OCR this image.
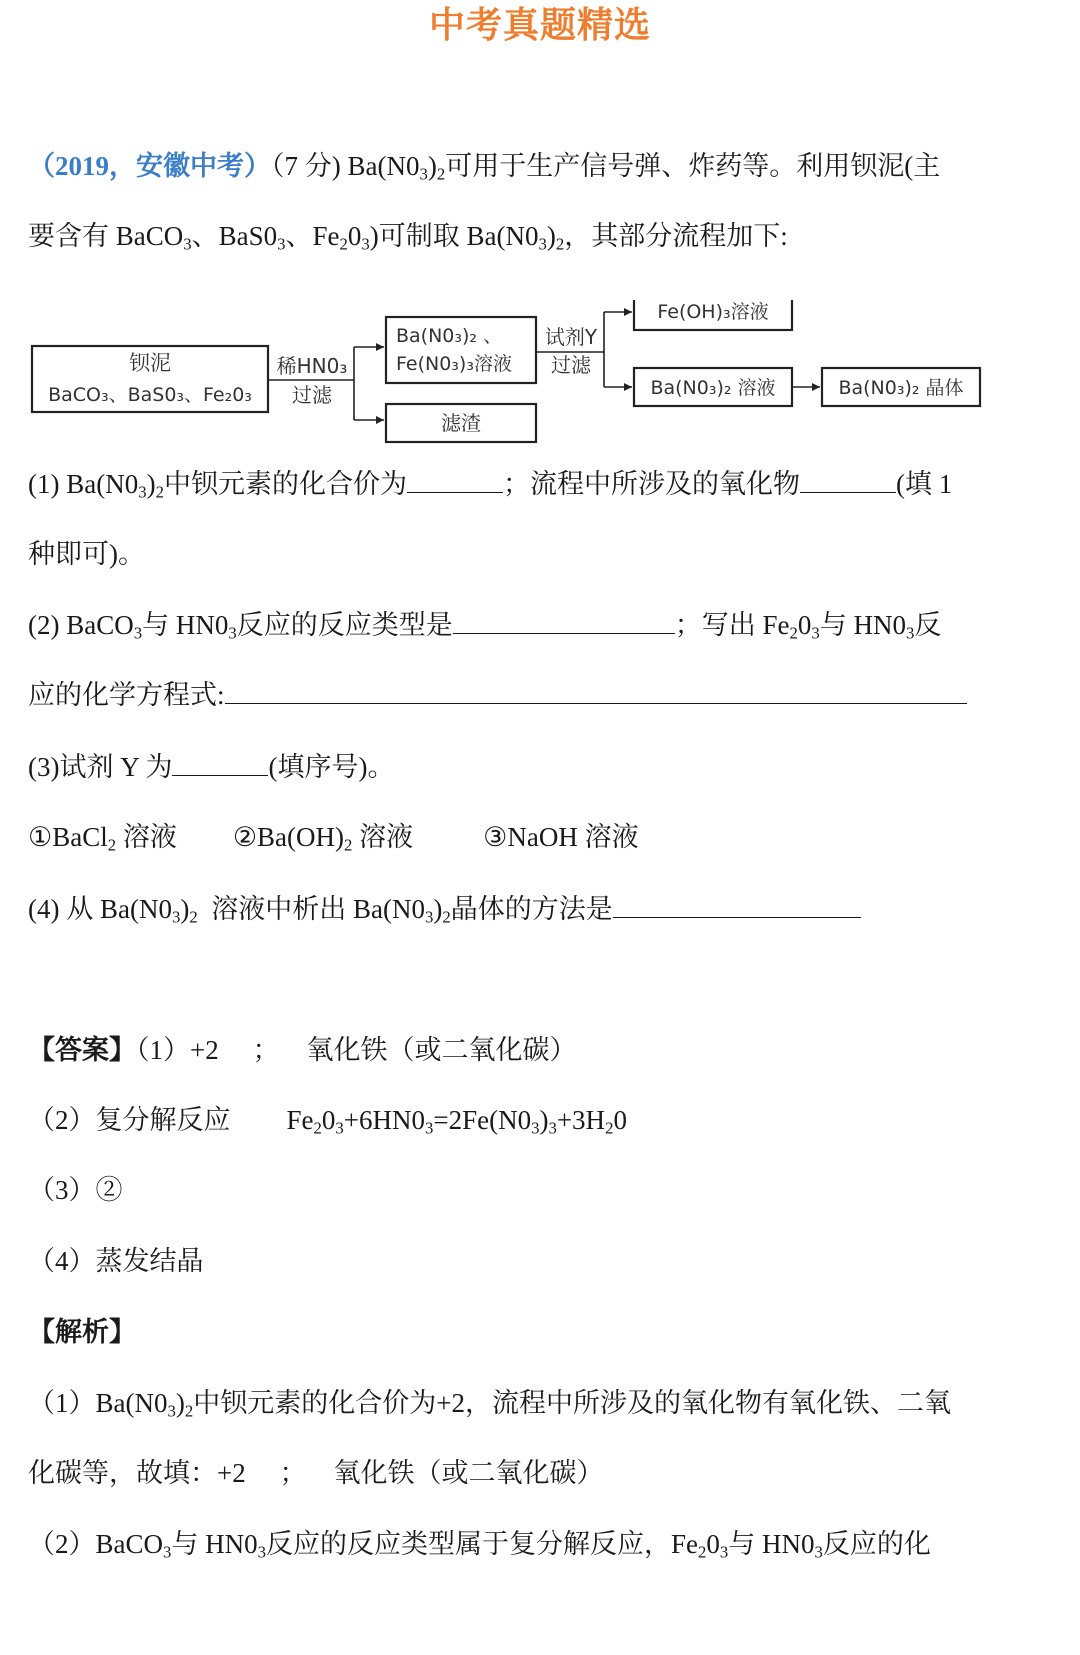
中考真题精选
（2019，安徽中考）（7 分) $Ba(N0_3)_2$可用于生产信号弹、炸药等。利用钡泥(主
要含有 BaCO$_3$、$BaS0_3$、$Fe_20_3$)可制取 $Ba(N0_3)_2$，其部分流程加下:
钡泥
BaCO₃、BaS0₃、Fe₂0₃
稀HN0₃
过滤
Ba(N0₃)₂ 、
Fe(N0₃)₃溶液
滤渣
试剂Y
过滤
Fe(OH)₃溶液
Ba(N0₃)₂ 溶液	Ba(N0₃)₂ 晶体
(1) $Ba(N0_3)_2$中钡元素的化合价为	；流程中所涉及的氧化物	(填 1
种即可)。
(2) BaCO$_3$与 $HN0_3$反应的反应类型是	；写出 $Fe_20_3$与 $HN0_3$反
应的化学方程式:
(3)试剂 Y 为	(填序号)。
①BaCl$_2$ 溶液 $②Ba(OH)_2$ 溶液	③NaOH 溶液
(4) 从 $Ba(N0_3)_2$ 溶液中析出 $Ba(N0_3)_2$晶体的方法是
【答案】（1）+2     ；    氧化铁（或二氧化碳）
（2）复分解反应 $Fe_20_3+6HN0_3=2Fe(N0_3)_3+3H_20$
（3）②
（4）蒸发结晶
【解析】
$(1)Ba(N0_3)_2$中钡元素的化合价为+2，流程中所涉及的氧化物有氧化铁、二氧
化碳等，故填：+2     ；    氧化铁（或二氧化碳）
（2）BaCO$_3$与 $HN0_3$反应的反应类型属于复分解反应，$Fe_20_3$与 $HN0_3$反应的化
